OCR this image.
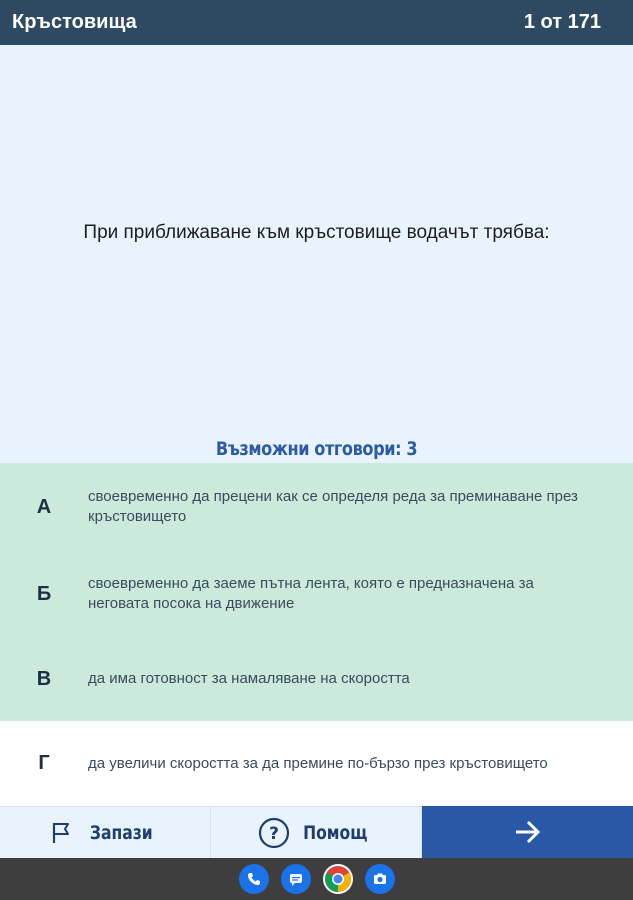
Кръстовища	1 от 171
При приближаване към кръстовище водачът трябва:
Възможни отговори: 3
А	своевременно да прецени как се определя реда за преминаване през кръстовището
Б	своевременно да заеме пътна лента, която е предназначена за неговата посока на движение
В	да има готовност за намаляване на скоростта
Г	да увеличи скоростта за да премине по-бързо през кръстовището
Запази	? Помощ
